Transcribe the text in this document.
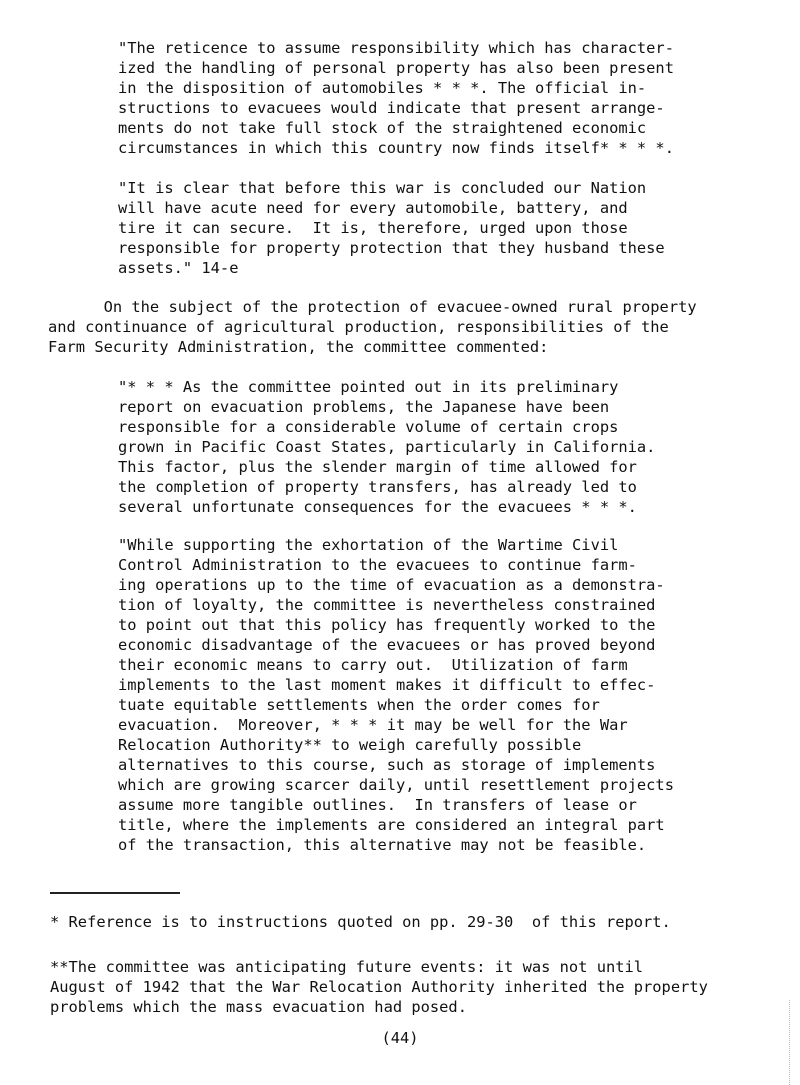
"The reticence to assume responsibility which has character-
ized the handling of personal property has also been present
in the disposition of automobiles * * *. The official in-
structions to evacuees would indicate that present arrange-
ments do not take full stock of the straightened economic
circumstances in which this country now finds itself* * * *.
"It is clear that before this war is concluded our Nation
will have acute need for every automobile, battery, and
tire it can secure.  It is, therefore, urged upon those
responsible for property protection that they husband these
assets." 14-e
On the subject of the protection of evacuee-owned rural property
and continuance of agricultural production, responsibilities of the
Farm Security Administration, the committee commented:
"* * * As the committee pointed out in its preliminary
report on evacuation problems, the Japanese have been
responsible for a considerable volume of certain crops
grown in Pacific Coast States, particularly in California.
This factor, plus the slender margin of time allowed for
the completion of property transfers, has already led to
several unfortunate consequences for the evacuees * * *.
"While supporting the exhortation of the Wartime Civil
Control Administration to the evacuees to continue farm-
ing operations up to the time of evacuation as a demonstra-
tion of loyalty, the committee is nevertheless constrained
to point out that this policy has frequently worked to the
economic disadvantage of the evacuees or has proved beyond
their economic means to carry out.  Utilization of farm
implements to the last moment makes it difficult to effec-
tuate equitable settlements when the order comes for
evacuation.  Moreover, * * * it may be well for the War
Relocation Authority** to weigh carefully possible
alternatives to this course, such as storage of implements
which are growing scarcer daily, until resettlement projects
assume more tangible outlines.  In transfers of lease or
title, where the implements are considered an integral part
of the transaction, this alternative may not be feasible.
* Reference is to instructions quoted on pp. 29-30  of this report.
**The committee was anticipating future events: it was not until
August of 1942 that the War Relocation Authority inherited the property
problems which the mass evacuation had posed.
(44)
